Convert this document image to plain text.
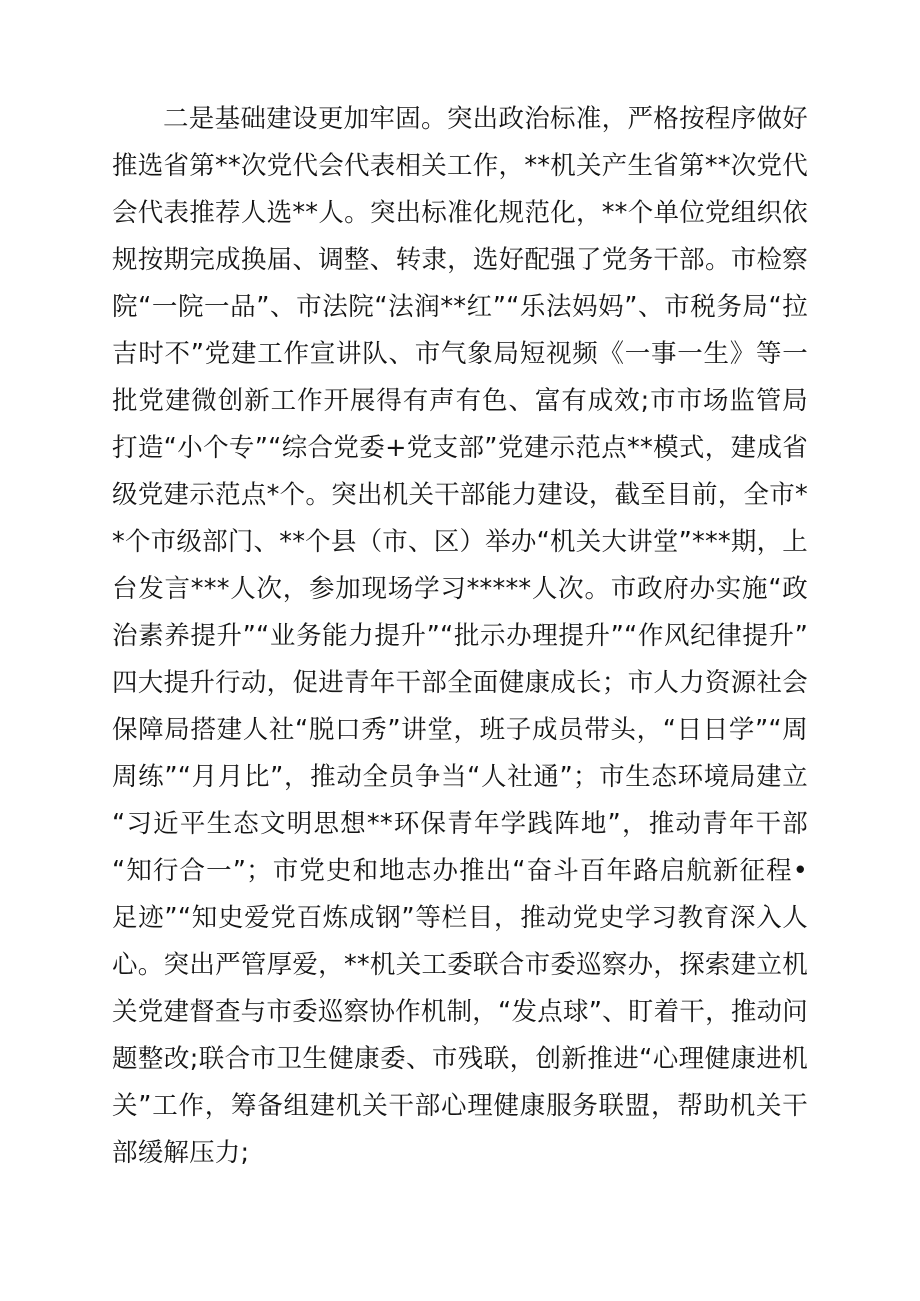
二是基础建设更加牢固。突出政治标准，严格按程序做好推选省第**次党代会代表相关工作，**机关产生省第**次党代会代表推荐人选**人。突出标准化规范化，**个单位党组织依规按期完成换届、调整、转隶，选好配强了党务干部。市检察院“一院一品”、市法院“法润**红”“乐法妈妈”、市税务局“拉吉时不”党建工作宣讲队、市气象局短视频《一事一生》等一批党建微创新工作开展得有声有色、富有成效;市市场监管局打造“小个专”“综合党委+党支部”党建示范点**模式，建成省级党建示范点*个。突出机关干部能力建设，截至目前，全市**个市级部门、**个县（市、区）举办“机关大讲堂”***期，上台发言***人次，参加现场学习*****人次。市政府办实施“政治素养提升”“业务能力提升”“批示办理提升”“作风纪律提升”四大提升行动，促进青年干部全面健康成长；市人力资源社会保障局搭建人社“脱口秀”讲堂，班子成员带头，“日日学”“周周练”“月月比”，推动全员争当“人社通”；市生态环境局建立“习近平生态文明思想**环保青年学践阵地”，推动青年干部“知行合一”；市党史和地志办推出“奋斗百年路启航新征程•足迹”“知史爱党百炼成钢”等栏目，推动党史学习教育深入人心。突出严管厚爱，**机关工委联合市委巡察办，探索建立机关党建督查与市委巡察协作机制，“发点球”、盯着干，推动问题整改;联合市卫生健康委、市残联，创新推进“心理健康进机关”工作，筹备组建机关干部心理健康服务联盟，帮助机关干部缓解压力;
